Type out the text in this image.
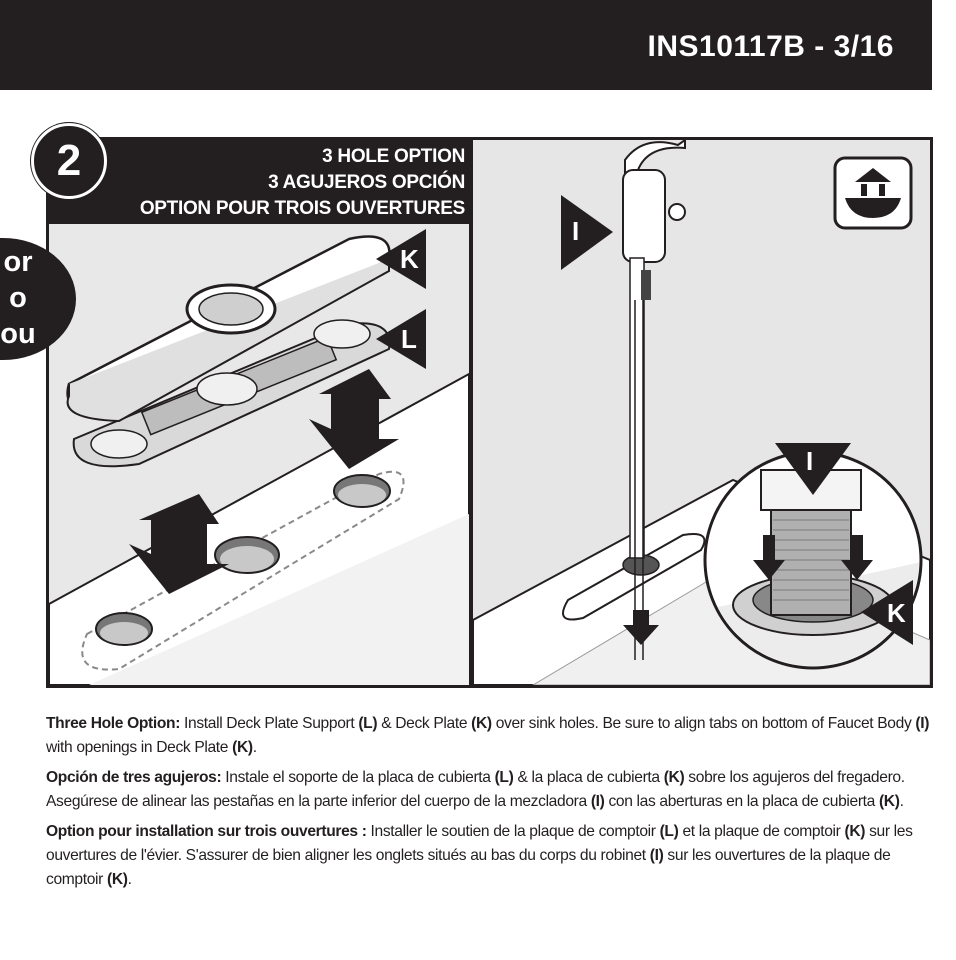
INS10117B - 3/16
2
or
o
ou
3 HOLE OPTION
3 AGUJEROS OPCIÓN
OPTION POUR TROIS OUVERTURES
K
L
I
I
K

Three Hole Option: Install Deck Plate Support (L) & Deck Plate (K) over sink holes. Be sure to align tabs on bottom of Faucet Body (I) with openings in Deck Plate (K).

Opción de tres agujeros: Instale el soporte de la placa de cubierta (L) & la placa de cubierta (K) sobre los agujeros del fregadero. Asegúrese de alinear las pestañas en la parte inferior del cuerpo de la mezcladora (I) con las aberturas en la placa de cubierta (K).

Option pour installation sur trois ouvertures : Installer le soutien de la plaque de comptoir (L) et la plaque de comptoir (K) sur les ouvertures de l'évier. S'assurer de bien aligner les onglets situés au bas du corps du robinet (I) sur les ouvertures de la plaque de comptoir (K).
